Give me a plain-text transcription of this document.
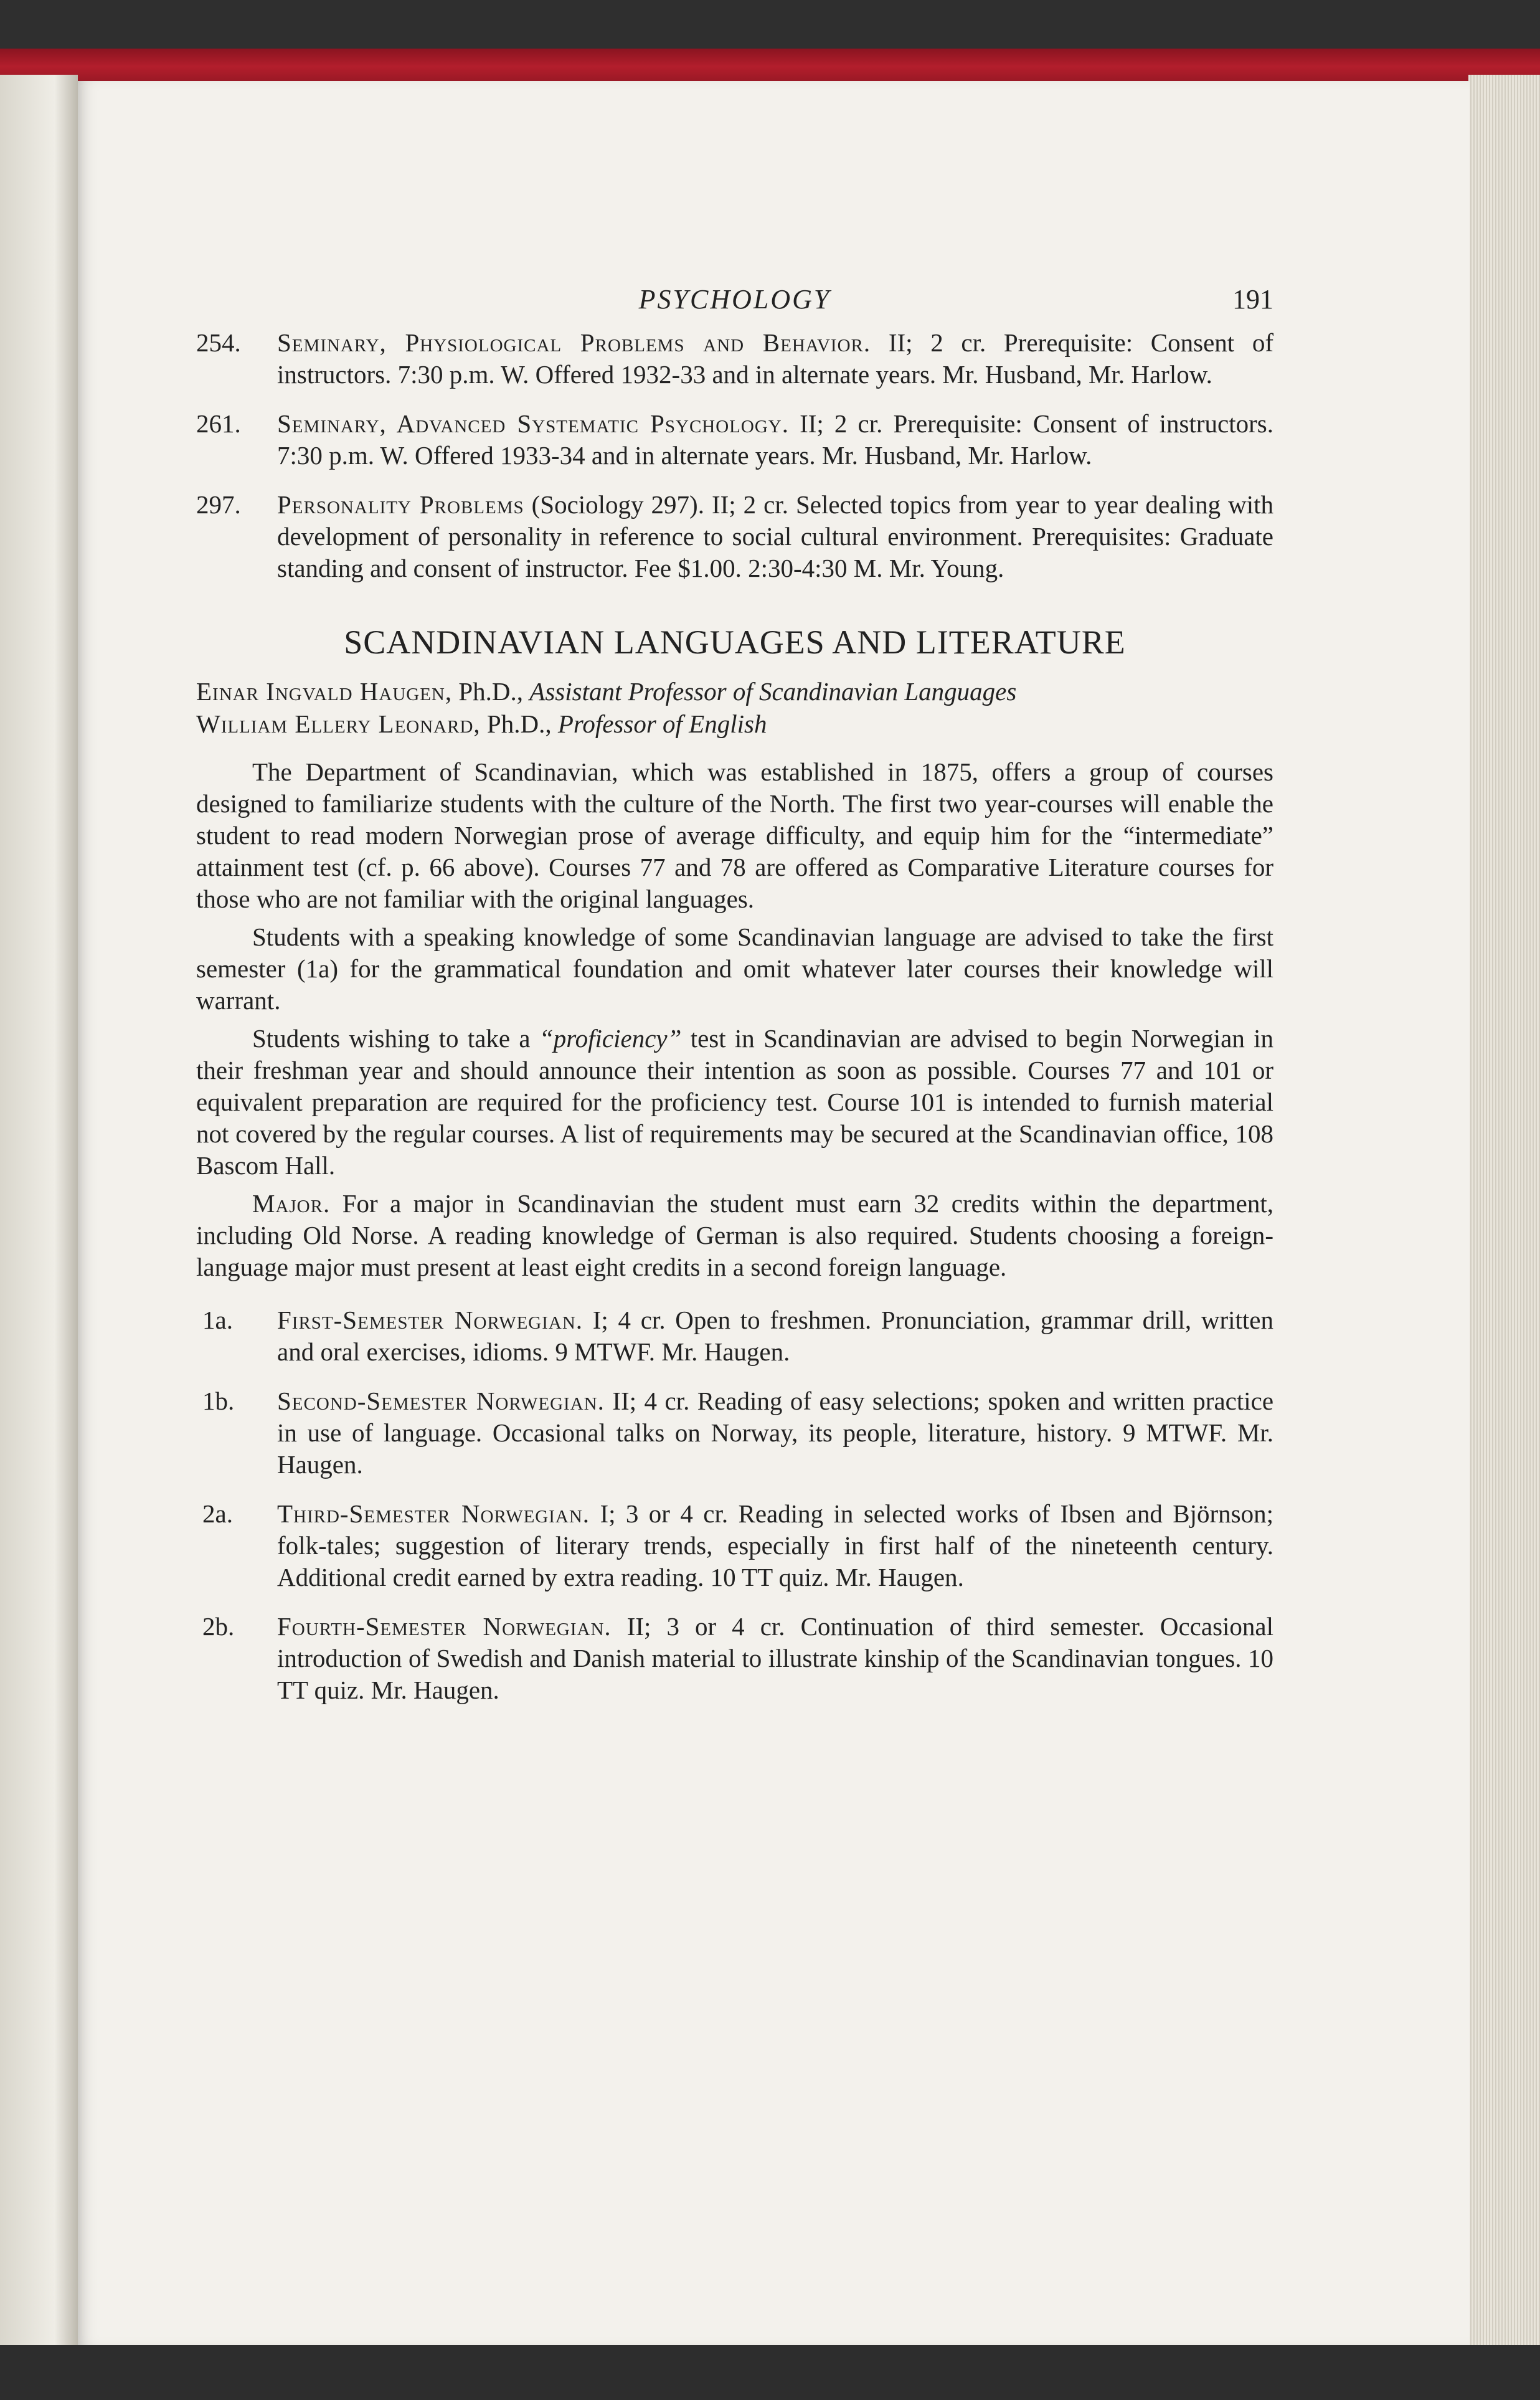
PSYCHOLOGY	191
254. Seminary, Physiological Problems and Behavior. II; 2 cr. Prerequisite: Consent of instructors. 7:30 p.m. W. Offered 1932-33 and in alternate years. Mr. Husband, Mr. Harlow.
261. Seminary, Advanced Systematic Psychology. II; 2 cr. Prerequisite: Consent of instructors. 7:30 p.m. W. Offered 1933-34 and in alternate years. Mr. Husband, Mr. Harlow.
297. Personality Problems (Sociology 297). II; 2 cr. Selected topics from year to year dealing with development of personality in reference to social cultural environment. Prerequisites: Graduate standing and consent of instructor. Fee $1.00. 2:30-4:30 M. Mr. Young.
SCANDINAVIAN LANGUAGES AND LITERATURE
Einar Ingvald Haugen, Ph.D., Assistant Professor of Scandinavian Languages
William Ellery Leonard, Ph.D., Professor of English

The Department of Scandinavian, which was established in 1875, offers a group of courses designed to familiarize students with the culture of the North. The first two year-courses will enable the student to read modern Norwegian prose of average difficulty, and equip him for the “intermediate” attainment test (cf. p. 66 above). Courses 77 and 78 are offered as Comparative Literature courses for those who are not familiar with the original languages.

Students with a speaking knowledge of some Scandinavian language are advised to take the first semester (1a) for the grammatical foundation and omit whatever later courses their knowledge will warrant.

Students wishing to take a “proficiency” test in Scandinavian are advised to begin Norwegian in their freshman year and should announce their intention as soon as possible. Courses 77 and 101 or equivalent preparation are required for the proficiency test. Course 101 is intended to furnish material not covered by the regular courses. A list of requirements may be secured at the Scandinavian office, 108 Bascom Hall.

Major. For a major in Scandinavian the student must earn 32 credits within the department, including Old Norse. A reading knowledge of German is also required. Students choosing a foreign-language major must present at least eight credits in a second foreign language.

1a. First-Semester Norwegian. I; 4 cr. Open to freshmen. Pronunciation, grammar drill, written and oral exercises, idioms. 9 MTWF. Mr. Haugen.
1b. Second-Semester Norwegian. II; 4 cr. Reading of easy selections; spoken and written practice in use of language. Occasional talks on Norway, its people, literature, history. 9 MTWF. Mr. Haugen.
2a. Third-Semester Norwegian. I; 3 or 4 cr. Reading in selected works of Ibsen and Björnson; folk-tales; suggestion of literary trends, especially in first half of the nineteenth century. Additional credit earned by extra reading. 10 TT quiz. Mr. Haugen.
2b. Fourth-Semester Norwegian. II; 3 or 4 cr. Continuation of third semester. Occasional introduction of Swedish and Danish material to illustrate kinship of the Scandinavian tongues. 10 TT quiz. Mr. Haugen.
